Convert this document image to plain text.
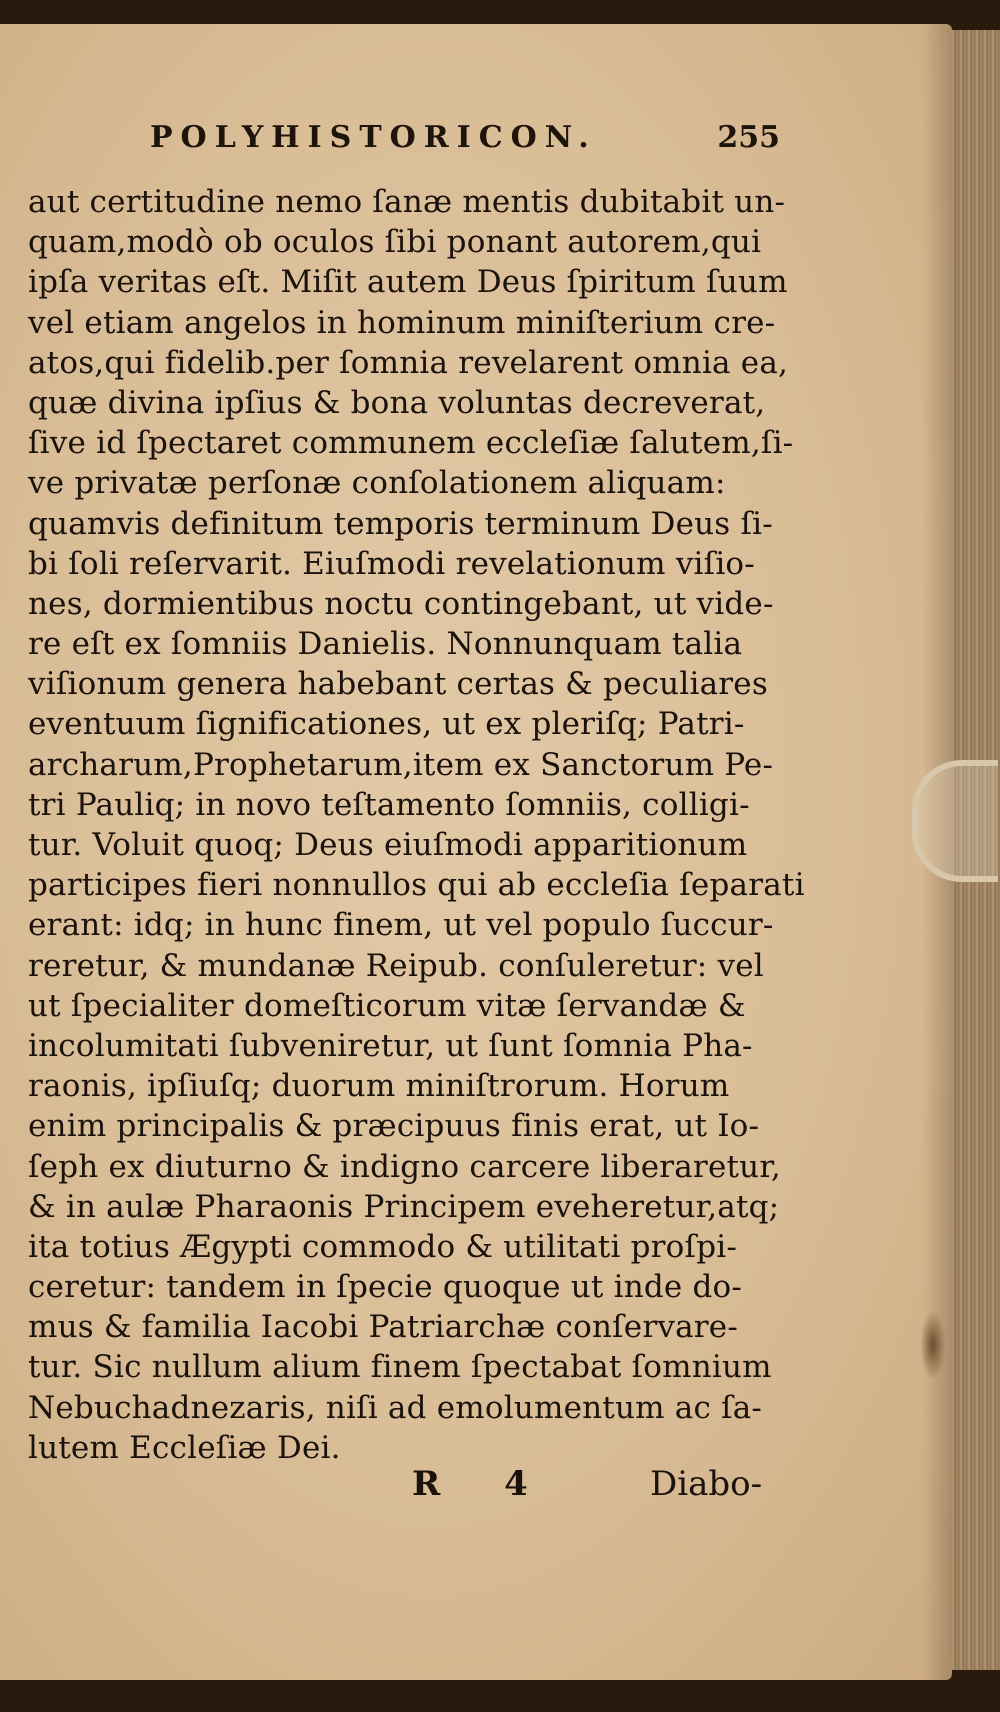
POLYHISTORICON.	255
aut certitudine nemo ſanæ mentis dubitabit un-
quam,modò ob oculos ſibi ponant autorem,qui
ipſa veritas eſt. Miſit autem Deus ſpiritum ſuum
vel etiam angelos in hominum miniſterium cre-
atos,qui fidelib.per ſomnia revelarent omnia ea,
quæ divina ipſius & bona voluntas decreverat,
ſive id ſpectaret communem eccleſiæ ſalutem,ſi-
ve privatæ perſonæ conſolationem aliquam:
quamvis definitum temporis terminum Deus ſi-
bi ſoli reſervarit. Eiuſmodi revelationum viſio-
nes, dormientibus noctu contingebant, ut vide-
re eſt ex ſomniis Danielis. Nonnunquam talia
viſionum genera habebant certas & peculiares
eventuum ſignificationes, ut ex pleriſq; Patri-
archarum,Prophetarum,item ex Sanctorum Pe-
tri Pauliq; in novo teſtamento ſomniis, colligi-
tur. Voluit quoq; Deus eiuſmodi apparitionum
participes fieri nonnullos qui ab eccleſia ſeparati
erant: idq; in hunc finem, ut vel populo ſuccur-
reretur, & mundanæ Reipub. conſuleretur: vel
ut ſpecialiter domeſticorum vitæ ſervandæ &
incolumitati ſubveniretur, ut ſunt ſomnia Pha-
raonis, ipſiuſq; duorum miniſtrorum. Horum
enim principalis & præcipuus finis erat, ut Io-
ſeph ex diuturno & indigno carcere liberaretur,
& in aulæ Pharaonis Principem eveheretur,atq;
ita totius Ægypti commodo & utilitati proſpi-
ceretur: tandem in ſpecie quoque ut inde do-
mus & familia Iacobi Patriarchæ conſervare-
tur. Sic nullum alium finem ſpectabat ſomnium
Nebuchadnezaris, niſi ad emolumentum ac ſa-
lutem Eccleſiæ Dei.
R 4	Diabo-
